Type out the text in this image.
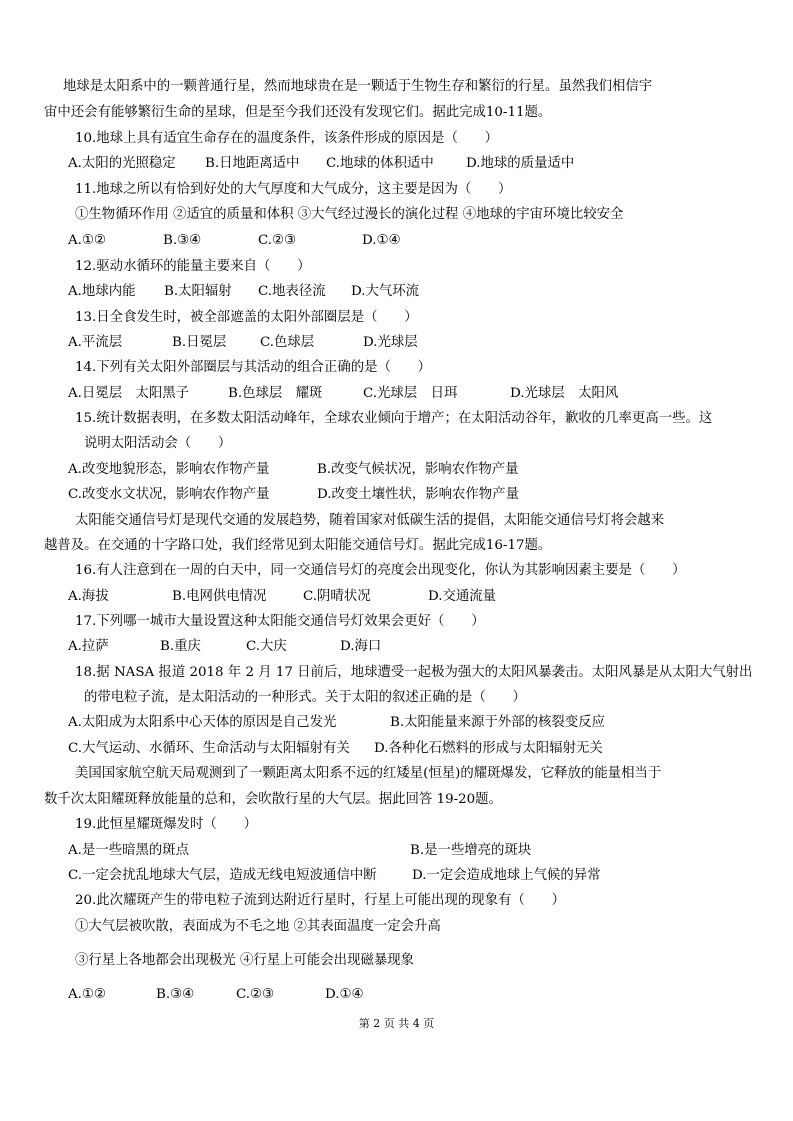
地球是太阳系中的一颗普通行星，然而地球贵在是一颗适于生物生存和繁衍的行星。虽然我们相信宇
宙中还会有能够繁衍生命的星球，但是至今我们还没有发现它们。据此完成10-11题。
10.地球上具有适宜生命存在的温度条件，该条件形成的原因是（　　）
A.太阳的光照稳定 B.日地距离适中 C.地球的体积适中 D.地球的质量适中
11.地球之所以有恰到好处的大气厚度和大气成分，这主要是因为（　　）
①生物循环作用 ②适宜的质量和体积 ③大气经过漫长的演化过程 ④地球的宇宙环境比较安全
A.①②	B.③④	C.②③	D.①④
12.驱动水循环的能量主要来自（　　）
A.地球内能 B.太阳辐射 C.地表径流 D.大气环流
13.日全食发生时，被全部遮盖的太阳外部圈层是（　　）
A.平流层	B.日冕层	C.色球层	D.光球层
14.下列有关太阳外部圈层与其活动的组合正确的是（　　）
A.日冕层　太阳黑子	B.色球层　耀斑	C.光球层　日珥	D.光球层　太阳风
15.统计数据表明，在多数太阳活动峰年，全球农业倾向于增产；在太阳活动谷年，歉收的几率更高一些。这
说明太阳活动会（　　）
A.改变地貌形态，影响农作物产量	B.改变气候状况，影响农作物产量
C.改变水文状况，影响农作物产量	D.改变土壤性状，影响农作物产量
太阳能交通信号灯是现代交通的发展趋势，随着国家对低碳生活的提倡，太阳能交通信号灯将会越来
越普及。在交通的十字路口处，我们经常见到太阳能交通信号灯。据此完成16-17题。
16.有人注意到在一周的白天中，同一交通信号灯的亮度会出现变化，你认为其影响因素主要是（　　）
A.海拔	B.电网供电情况	C.阴晴状况	D.交通流量
17.下列哪一城市大量设置这种太阳能交通信号灯效果会更好（　　）
A.拉萨	B.重庆	C.大庆	D.海口
18.据 NASA 报道 2018 年 2 月 17 日前后，地球遭受一起极为强大的太阳风暴袭击。太阳风暴是从太阳大气射出
的带电粒子流，是太阳活动的一种形式。关于太阳的叙述正确的是（　　）
A.太阳成为太阳系中心天体的原因是自己发光	B.太阳能量来源于外部的核裂变反应
C.大气运动、水循环、生命活动与太阳辐射有关 D.各种化石燃料的形成与太阳辐射无关
美国国家航空航天局观测到了一颗距离太阳系不远的红矮星(恒星)的耀斑爆发，它释放的能量相当于
数千次太阳耀斑释放能量的总和，会吹散行星的大气层。据此回答 19-20题。
19.此恒星耀斑爆发时（　　）
A.是一些暗黑的斑点	B.是一些增亮的斑块
C.一定会扰乱地球大气层，造成无线电短波通信中断	D.一定会造成地球上气候的异常
20.此次耀斑产生的带电粒子流到达附近行星时，行星上可能出现的现象有（　　）
①大气层被吹散，表面成为不毛之地 ②其表面温度一定会升高
③行星上各地都会出现极光 ④行星上可能会出现磁暴现象
A.①②	B.③④	C.②③	D.①④
第 2 页 共 4 页
